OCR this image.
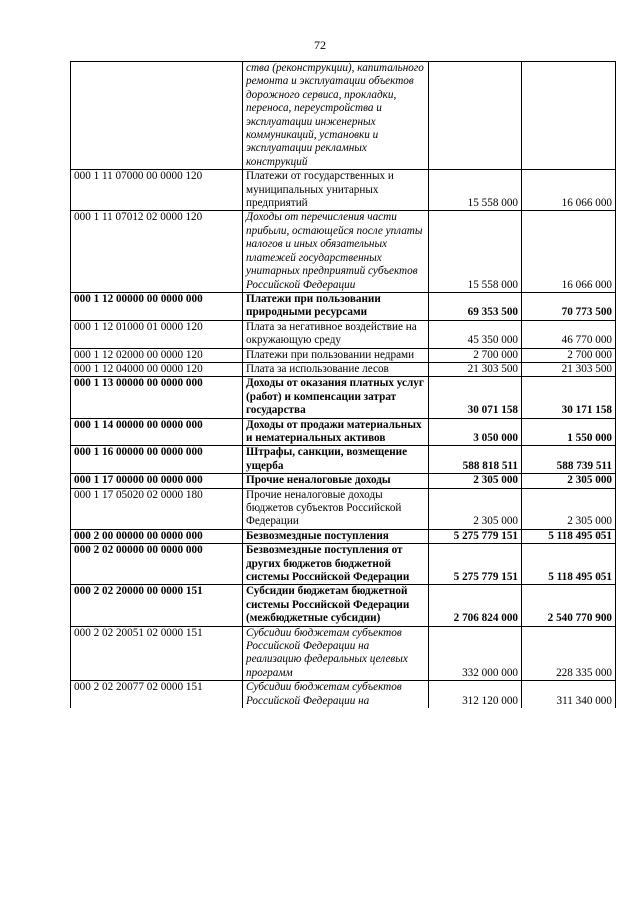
72
	ства (реконструкции), капитального ремонта и эксплуатации объектов дорожного сервиса, прокладки, переноса, переустройства и эксплуатации инженерных коммуникаций, установки и эксплуатации рекламных конструкций		
000 1 11 07000 00 0000 120	Платежи от государственных и муниципальных унитарных предприятий	15 558 000	16 066 000
000 1 11 07012 02 0000 120	Доходы от перечисления части прибыли, остающейся после уплаты налогов и иных обязательных платежей государственных унитарных предприятий субъектов Российской Федерации	15 558 000	16 066 000
000 1 12 00000 00 0000 000	Платежи при пользовании природными ресурсами	69 353 500	70 773 500
000 1 12 01000 01 0000 120	Плата за негативное воздействие на окружающую среду	45 350 000	46 770 000
000 1 12 02000 00 0000 120	Платежи при пользовании недрами	2 700 000	2 700 000
000 1 12 04000 00 0000 120	Плата за использование лесов	21 303 500	21 303 500
000 1 13 00000 00 0000 000	Доходы от оказания платных услуг (работ) и компенсации затрат государства	30 071 158	30 171 158
000 1 14 00000 00 0000 000	Доходы от продажи материальных и нематериальных активов	3 050 000	1 550 000
000 1 16 00000 00 0000 000	Штрафы, санкции, возмещение ущерба	588 818 511	588 739 511
000 1 17 00000 00 0000 000	Прочие неналоговые доходы	2 305 000	2 305 000
000 1 17 05020 02 0000 180	Прочие неналоговые доходы бюджетов субъектов Российской Федерации	2 305 000	2 305 000
000 2 00 00000 00 0000 000	Безвозмездные поступления	5 275 779 151	5 118 495 051
000 2 02 00000 00 0000 000	Безвозмездные поступления от других бюджетов бюджетной системы Российской Федерации	5 275 779 151	5 118 495 051
000 2 02 20000 00 0000 151	Субсидии бюджетам бюджетной системы Российской Федерации (межбюджетные субсидии)	2 706 824 000	2 540 770 900
000 2 02 20051 02 0000 151	Субсидии бюджетам субъектов Российской Федерации на реализацию федеральных целевых программ	332 000 000	228 335 000
000 2 02 20077 02 0000 151	Субсидии бюджетам субъектов Российской Федерации на	312 120 000	311 340 000
